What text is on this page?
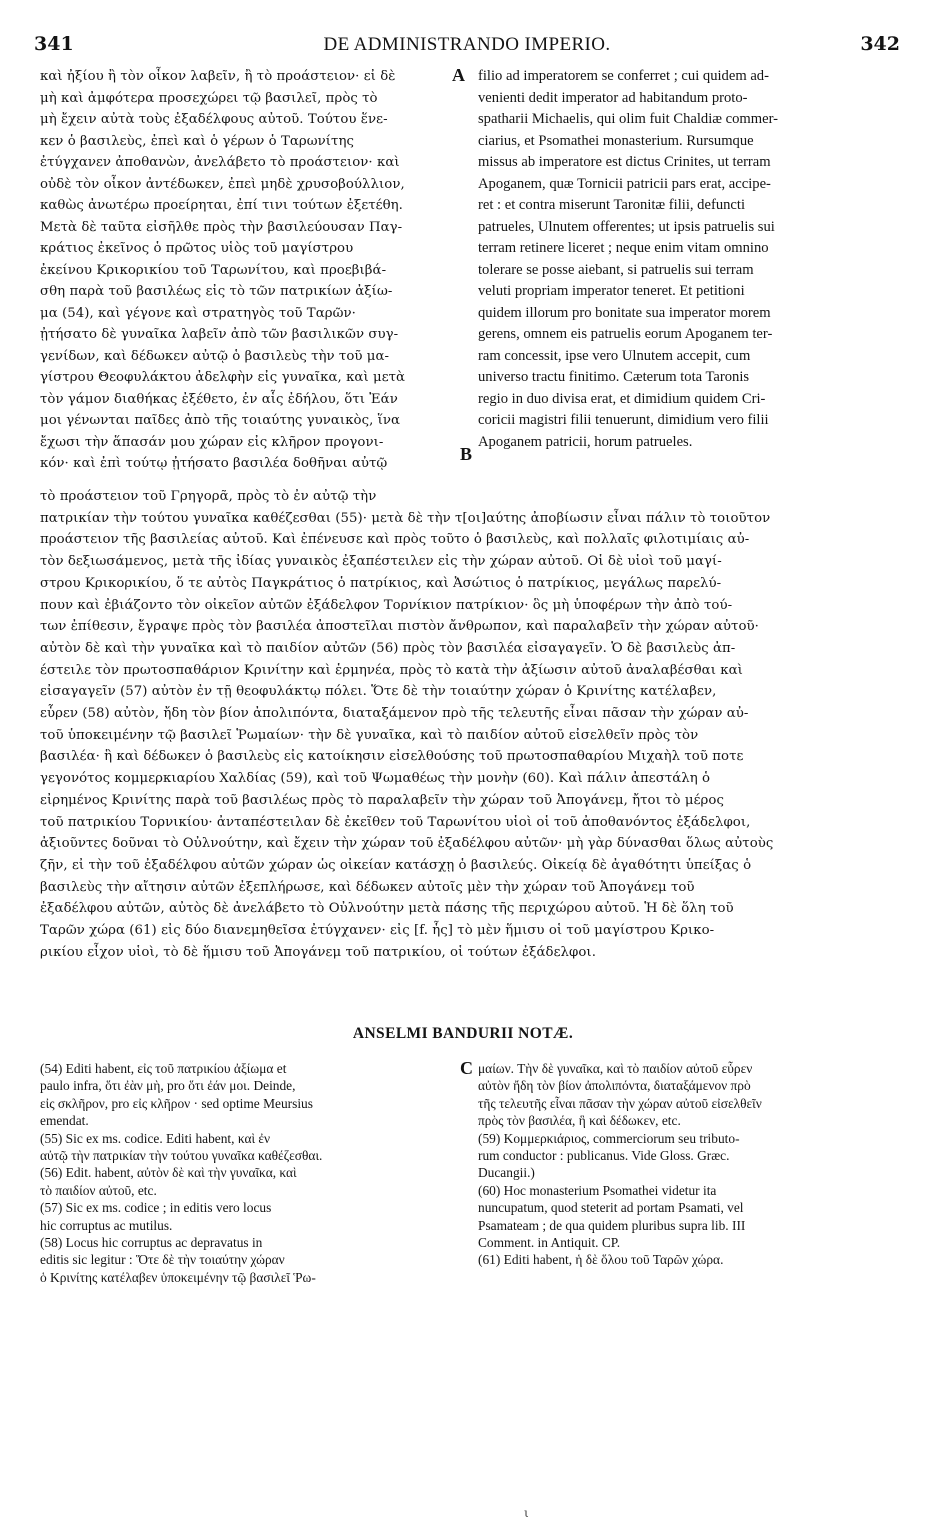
341	DE ADMINISTRANDO IMPERIO.	342
A
B
C
καὶ ἠξίου ἢ τὸν οἶκον λαβεῖν, ἢ τὸ προάστειον· εἰ δὲ
μὴ καὶ ἀμφότερα προσεχώρει τῷ βασιλεῖ, πρὸς τὸ
μὴ ἔχειν αὐτὰ τοὺς ἐξαδέλφους αὐτοῦ. Τούτου ἕνε-
κεν ὁ βασιλεὺς, ἐπεὶ καὶ ὁ γέρων ὁ Ταρωνίτης
ἐτύγχανεν ἀποθανὼν, ἀνελάβετο τὸ προάστειον· καὶ
οὐδὲ τὸν οἶκον ἀντέδωκεν, ἐπεὶ μηδὲ χρυσοβούλλιον,
καθὼς ἀνωτέρω προείρηται, ἐπί τινι τούτων ἐξετέθη.
Μετὰ δὲ ταῦτα εἰσῆλθε πρὸς τὴν βασιλεύουσαν Παγ-
κράτιος ἐκεῖνος ὁ πρῶτος υἱὸς τοῦ μαγίστρου
ἐκείνου Κρικορικίου τοῦ Ταρωνίτου, καὶ προεβιβά-
σθη παρὰ τοῦ βασιλέως εἰς τὸ τῶν πατρικίων ἀξίω-
μα (54), καὶ γέγονε καὶ στρατηγὸς τοῦ Ταρῶν·
ᾐτήσατο δὲ γυναῖκα λαβεῖν ἀπὸ τῶν βασιλικῶν συγ-
γενίδων, καὶ δέδωκεν αὐτῷ ὁ βασιλεὺς τὴν τοῦ μα-
γίστρου Θεοφυλάκτου ἀδελφὴν εἰς γυναῖκα, καὶ μετὰ
τὸν γάμον διαθήκας ἐξέθετο, ἐν αἷς ἐδήλου, ὅτι Ἐάν
μοι γένωνται παῖδες ἀπὸ τῆς τοιαύτης γυναικὸς, ἵνα
ἔχωσι τὴν ἅπασάν μου χώραν εἰς κλῆρον προγονι-
κόν· καὶ ἐπὶ τούτῳ ᾐτήσατο βασιλέα δοθῆναι αὐτῷ
filio ad imperatorem se conferret ; cui quidem ad-
venienti dedit imperator ad habitandum proto-
spatharii Michaelis, qui olim fuit Chaldiæ commer-
ciarius, et Psomathei monasterium. Rursumque
missus ab imperatore est dictus Crinites, ut terram
Apoganem, quæ Tornicii patricii pars erat, accipe-
ret : et contra miserunt Taronitæ filii, defuncti
patrueles, Ulnutem offerentes; ut ipsis patruelis sui
terram retinere liceret ; neque enim vitam omnino
tolerare se posse aiebant, si patruelis sui terram
veluti propriam imperator teneret. Et petitioni
quidem illorum pro bonitate sua imperator morem
gerens, omnem eis patruelis eorum Apoganem ter-
ram concessit, ipse vero Ulnutem accepit, cum
universo tractu finitimo. Cæterum tota Taronis
regio in duo divisa erat, et dimidium quidem Cri-
coricii magistri filii tenuerunt, dimidium vero filii
Apoganem patricii, horum patrueles.
τὸ προάστειον τοῦ Γρηγορᾶ, πρὸς τὸ ἐν αὐτῷ τὴν
πατρικίαν τὴν τούτου γυναῖκα καθέζεσθαι (55)· μετὰ δὲ τὴν τ[οι]αύτης ἀποβίωσιν εἶναι πάλιν τὸ τοιοῦτον
προάστειον τῆς βασιλείας αὐτοῦ. Καὶ ἐπένευσε καὶ πρὸς τοῦτο ὁ βασιλεὺς, καὶ πολλαῖς φιλοτιμίαις αὐ-
τὸν δεξιωσάμενος, μετὰ τῆς ἰδίας γυναικὸς ἐξαπέστειλεν εἰς τὴν χώραν αὐτοῦ. Οἱ δὲ υἱοὶ τοῦ μαγί-
στρου Κρικορικίου, ὅ τε αὐτὸς Παγκράτιος ὁ πατρίκιος, καὶ Ἀσώτιος ὁ πατρίκιος, μεγάλως παρελύ-
πουν καὶ ἐβιάζοντο τὸν οἰκεῖον αὐτῶν ἐξάδελφον Τορνίκιον πατρίκιον· ὃς μὴ ὑποφέρων τὴν ἀπὸ τού-
των ἐπίθεσιν, ἔγραψε πρὸς τὸν βασιλέα ἀποστεῖλαι πιστὸν ἄνθρωπον, καὶ παραλαβεῖν τὴν χώραν αὐτοῦ·
αὐτὸν δὲ καὶ τὴν γυναῖκα καὶ τὸ παιδίον αὐτῶν (56) πρὸς τὸν βασιλέα εἰσαγαγεῖν. Ὁ δὲ βασιλεὺς ἀπ-
έστειλε τὸν πρωτοσπαθάριον Κρινίτην καὶ ἑρμηνέα, πρὸς τὸ κατὰ τὴν ἀξίωσιν αὐτοῦ ἀναλαβέσθαι καὶ
εἰσαγαγεῖν (57) αὐτὸν ἐν τῇ θεοφυλάκτῳ πόλει. Ὅτε δὲ τὴν τοιαύτην χώραν ὁ Κρινίτης κατέλαβεν,
εὗρεν (58) αὐτὸν, ἤδη τὸν βίον ἀπολιπόντα, διαταξάμενον πρὸ τῆς τελευτῆς εἶναι πᾶσαν τὴν χώραν αὐ-
τοῦ ὑποκειμένην τῷ βασιλεῖ Ῥωμαίων· τὴν δὲ γυναῖκα, καὶ τὸ παιδίον αὐτοῦ εἰσελθεῖν πρὸς τὸν
βασιλέα· ἣ καὶ δέδωκεν ὁ βασιλεὺς εἰς κατοίκησιν εἰσελθούσης τοῦ πρωτοσπαθαρίου Μιχαὴλ τοῦ ποτε
γεγονότος κομμερκιαρίου Χαλδίας (59), καὶ τοῦ Ψωμαθέως τὴν μονὴν (60). Καὶ πάλιν ἀπεστάλη ὁ
εἰρημένος Κρινίτης παρὰ τοῦ βασιλέως πρὸς τὸ παραλαβεῖν τὴν χώραν τοῦ Ἀπογάνεμ, ἤτοι τὸ μέρος
τοῦ πατρικίου Τορνικίου· ἀνταπέστειλαν δὲ ἐκεῖθεν τοῦ Ταρωνίτου υἱοὶ οἱ τοῦ ἀποθανόντος ἐξάδελφοι,
ἀξιοῦντες δοῦναι τὸ Οὐλνούτην, καὶ ἔχειν τὴν χώραν τοῦ ἐξαδέλφου αὐτῶν· μὴ γὰρ δύνασθαι ὅλως αὐτοὺς
ζῆν, εἰ τὴν τοῦ ἐξαδέλφου αὐτῶν χώραν ὡς οἰκείαν κατάσχῃ ὁ βασιλεύς. Οἰκείᾳ δὲ ἀγαθότητι ὑπείξας ὁ
βασιλεὺς τὴν αἴτησιν αὐτῶν ἐξεπλήρωσε, καὶ δέδωκεν αὐτοῖς μὲν τὴν χώραν τοῦ Ἀπογάνεμ τοῦ
ἐξαδέλφου αὐτῶν, αὐτὸς δὲ ἀνελάβετο τὸ Οὐλνούτην μετὰ πάσης τῆς περιχώρου αὐτοῦ. Ἡ δὲ ὅλη τοῦ
Ταρῶν χώρα (61) εἰς δύο διανεμηθεῖσα ἐτύγχανεν· εἰς [f. ἧς] τὸ μὲν ἥμισυ οἱ τοῦ μαγίστρου Κρικο-
ρικίου εἶχον υἱοὶ, τὸ δὲ ἥμισυ τοῦ Ἀπογάνεμ τοῦ πατρικίου, οἱ τούτων ἐξάδελφοι.
ANSELMI BANDURII NOTÆ.
(54) Editi habent, εἰς τοῦ πατρικίου ἀξίωμα et
paulo infra, ὅτι ἐὰν μὴ, pro ὅτι ἐάν μοι. Deinde,
εἰς σκλῆρον, pro εἰς κλῆρον · sed optime Meursius
emendat.
(55) Sic ex ms. codice. Editi habent, καὶ ἐν
αὐτῷ τὴν πατρικίαν τὴν τούτου γυναῖκα καθέζεσθαι.
(56) Edit. habent, αὐτὸν δὲ καὶ τὴν γυναῖκα, καὶ
τὸ παιδίον αὐτοῦ, etc.
(57) Sic ex ms. codice ; in editis vero locus
hic corruptus ac mutilus.
(58) Locus hic corruptus ac depravatus in
editis sic legitur : Ὅτε δὲ τὴν τοιαύτην χώραν
ὁ Κρινίτης κατέλαβεν ὑποκειμένην τῷ βασιλεῖ Ῥω-
μαίων. Τὴν δὲ γυναῖκα, καὶ τὸ παιδίον αὐτοῦ εὗρεν
αὐτὸν ἤδη τὸν βίον ἀπολιπόντα, διαταξάμενον πρὸ
τῆς τελευτῆς εἶναι πᾶσαν τὴν χώραν αὐτοῦ εἰσελθεῖν
πρὸς τὸν βασιλέα, ἣ καὶ δέδωκεν, etc.
(59) Κομμερκιάριος, commerciorum seu tributo-
rum conductor : publicanus. Vide Gloss. Græc.
Ducangii.)
(60) Hoc monasterium Psomathei videtur ita
nuncupatum, quod steterit ad portam Psamati, vel
Psamateam ; de qua quidem pluribus supra lib. III
Comment. in Antiquit. CP.
(61) Editi habent, ἡ δὲ ὅλου τοῦ Ταρῶν χώρα.
ι
